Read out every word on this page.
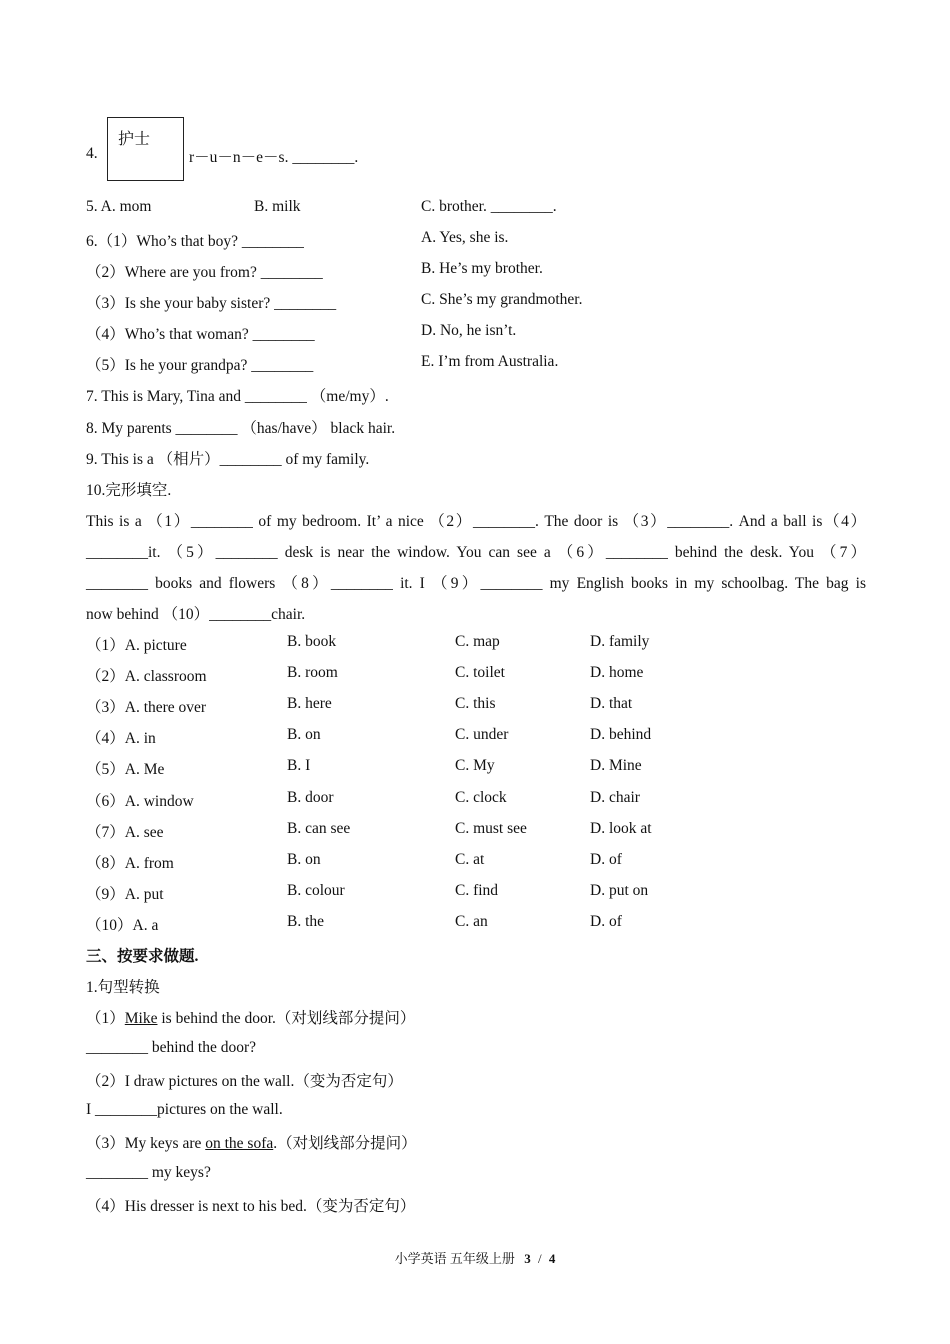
4.
护士
r－u－n－e－s. ________.
5. A. mom	B. milk	C. brother. ________.
6.（1）Who’s that boy? ________	A. Yes, she is.
（2）Where are you from? ________	B. He’s my brother.
（3）Is she your baby sister? ________	C. She’s my grandmother.
（4）Who’s that woman? ________	D. No, he isn’t.
（5）Is he your grandpa? ________	E. I’m from Australia.
7. This is Mary, Tina and ________ （me/my）.
8. My parents ________ （has/have） black hair.
9. This is a （相片）________ of my family.
10.完形填空.
This is a （1）________ of my bedroom. It’ a nice （2）________. The door is （3）________. And a ball is（4）
________it. （5）________ desk is near the window. You can see a （6）________ behind the desk. You （7）
________ books and flowers （8）________ it. I （9）________ my English books in my schoolbag. The bag is
now behind （10）________chair.
（1）A. picture	B. book	C. map	D. family
（2）A. classroom	B. room	C. toilet	D. home
（3）A. there over	B. here	C. this	D. that
（4）A. in	B. on	C. under	D. behind
（5）A. Me	B. I	C. My	D. Mine
（6）A. window	B. door	C. clock	D. chair
（7）A. see	B. can see	C. must see	D. look at
（8）A. from	B. on	C. at	D. of
（9）A. put	B. colour	C. find	D. put on
（10）A. a	B. the	C. an	D. of
三、按要求做题.
1.句型转换
（1）Mike is behind the door.（对划线部分提问）
________ behind the door?
（2）I draw pictures on the wall.（变为否定句）
I ________pictures on the wall.
（3）My keys are on the sofa.（对划线部分提问）
________ my keys?
（4）His dresser is next to his bed.（变为否定句）
小学英语 五年级上册 3 / 4
